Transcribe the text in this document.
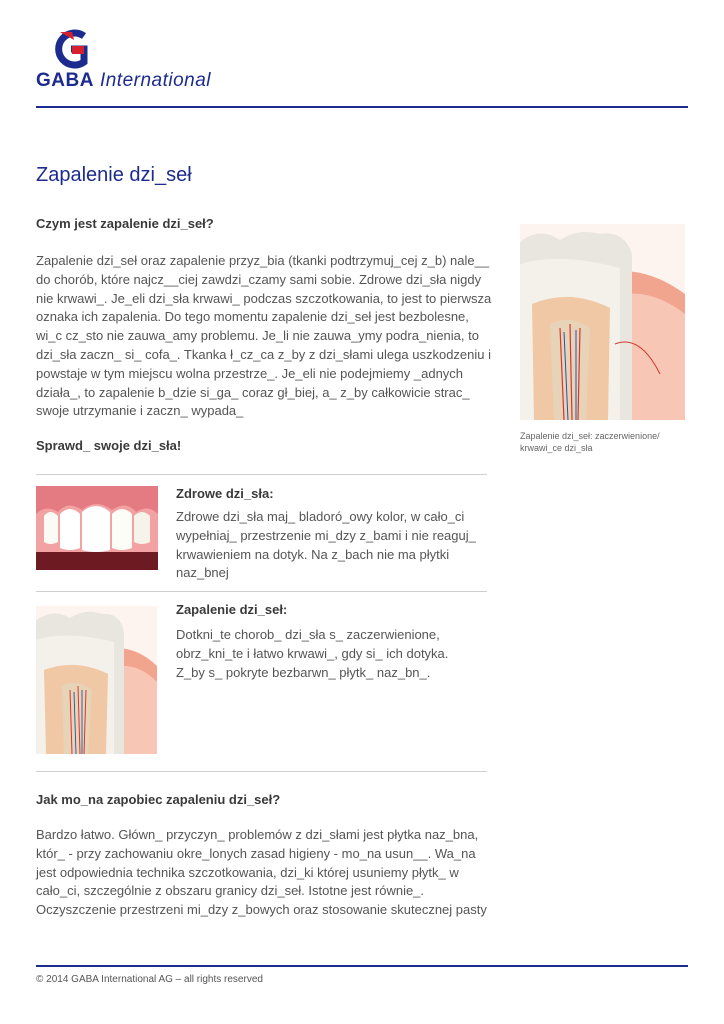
GABA International
Zapalenie dzi_seł
Czym jest zapalenie dzi_seł?

Zapalenie dzi_seł oraz zapalenie przyz_bia (tkanki podtrzymuj_cej z_b) nale__ do chorób, które najcz__ciej zawdzi_czamy sami sobie. Zdrowe dzi_sła nigdy nie krwawi_. Je_eli dzi_sła krwawi_ podczas szczotkowania, to jest to pierwsza oznaka ich zapalenia. Do tego momentu zapalenie dzi_seł jest bezbolesne, wi_c cz_sto nie zauwa_amy problemu. Je_li nie zauwa_ymy podra_nienia, to dzi_sła zaczn_ si_ cofa_. Tkanka ł_cz_ca z_by z dzi_słami ulega uszkodzeniu i powstaje w tym miejscu wolna przestrze_. Je_eli nie podejmiemy _adnych działa_, to zapalenie b_dzie si_ga_ coraz gł_biej, a_ z_by całkowicie strac_ swoje utrzymanie i zaczn_ wypada_

Sprawd_ swoje dzi_sła!
Zapalenie dzi_seł: zaczerwienione/ krwawi_ce dzi_sła
Zdrowe dzi_sła:

Zdrowe dzi_sła maj_ bladoró_owy kolor, w cało_ci wypełniaj_ przestrzenie mi_dzy z_bami i nie reaguj_ krwawieniem na dotyk. Na z_bach nie ma płytki naz_bnej

Zapalenie dzi_seł:

Dotkni_te chorob_ dzi_sła s_ zaczerwienione, obrz_kni_te i łatwo krwawi_, gdy si_ ich dotyka. Z_by s_ pokryte bezbarwn_ płytk_ naz_bn_.

Jak mo_na zapobiec zapaleniu dzi_seł?

Bardzo łatwo. Główn_ przyczyn_ problemów z dzi_słami jest płytka naz_bna, któr_ - przy zachowaniu okre_lonych zasad higieny - mo_na usun__. Wa_na jest odpowiednia technika szczotkowania, dzi_ki której usuniemy płytk_ w cało_ci, szczególnie z obszaru granicy dzi_seł. Istotne jest równie_. Oczyszczenie przestrzeni mi_dzy z_bowych oraz stosowanie skutecznej pasty

© 2014 GABA International AG – all rights reserved
